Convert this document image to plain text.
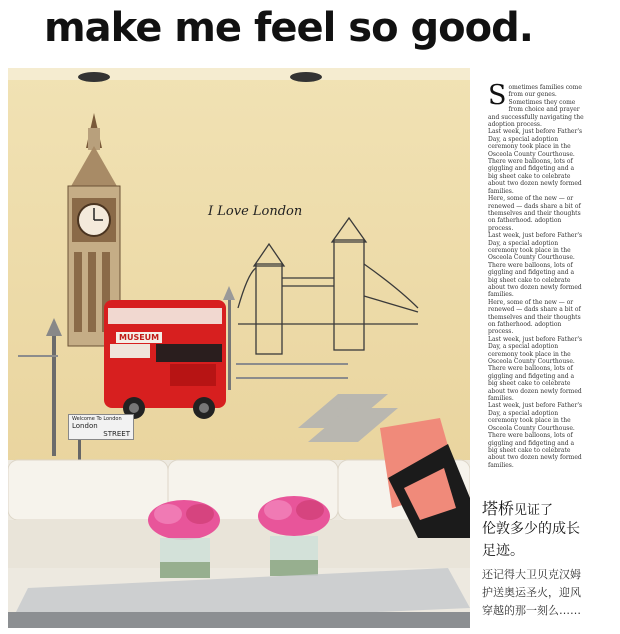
make me feel so good.
I Love London
MUSEUM
Welcome To London
London
STREET

Sometimes families come from our genes. Sometimes they come from choice and prayer and successfully navigating the adoption process.

Last week, just before Father's Day, a special adoption ceremony took place in the Osceola County Courthouse. There were balloons, lots of giggling and fidgeting and a big sheet cake to celebrate about two dozen newly formed families.

Here, some of the new — or renewed — dads share a bit of themselves and their thoughts on fatherhood. adoption process.

Last week, just before Father's Day, a special adoption ceremony took place in the Osceola County Courthouse. There were balloons, lots of giggling and fidgeting and a big sheet cake to celebrate about two dozen newly formed families.

Here, some of the new — or renewed — dads share a bit of themselves and their thoughts on fatherhood. adoption process.

Last week, just before Father's Day, a special adoption ceremony took place in the Osceola County Courthouse. There were balloons, lots of giggling and fidgeting and a big sheet cake to celebrate about two dozen newly formed families.

Last week, just before Father's Day, a special adoption ceremony took place in the Osceola County Courthouse. There were balloons, lots of giggling and fidgeting and a big sheet cake to celebrate about two dozen newly formed families.

塔桥见证了
伦敦多少的成长
足迹。
还记得大卫贝克汉姆
护送奥运圣火，迎风
穿越的那一刻么……
